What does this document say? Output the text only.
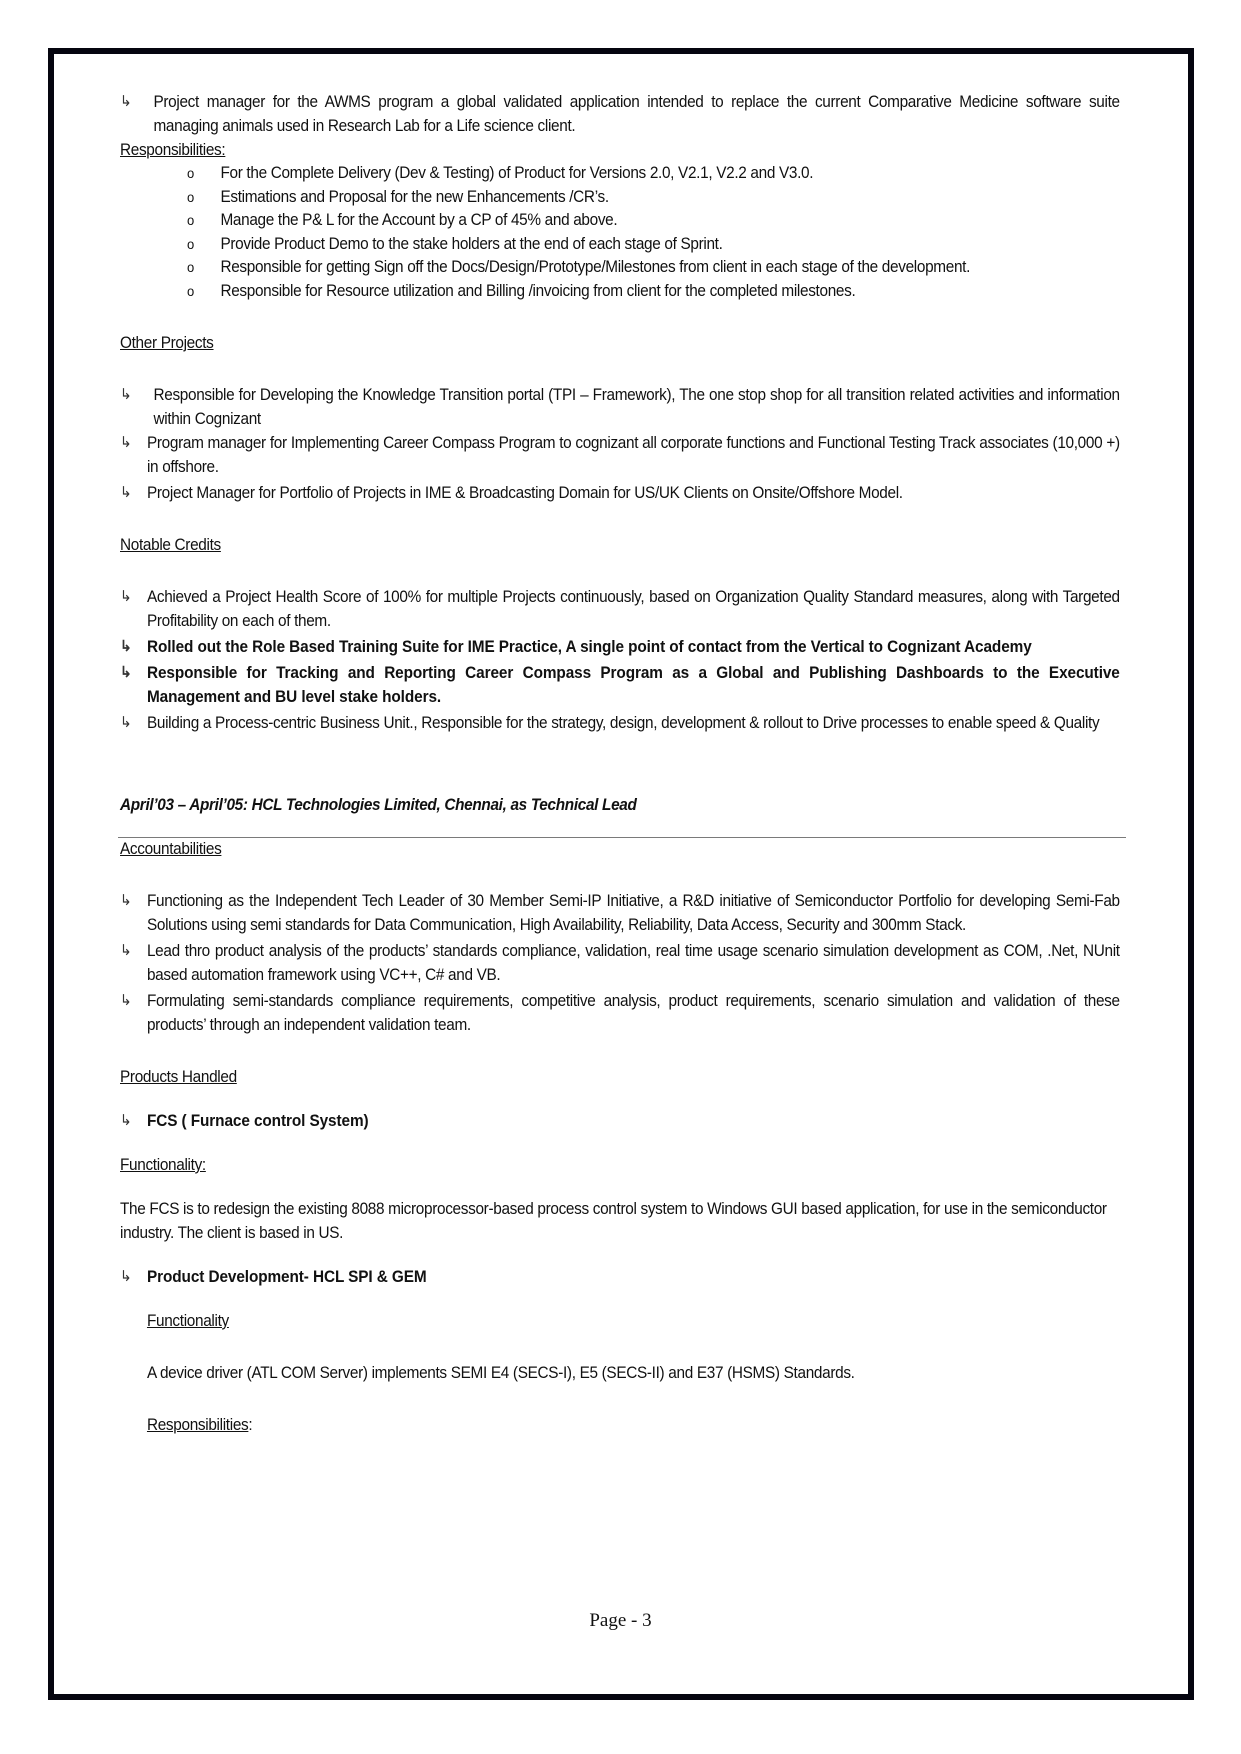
↳	Project manager for the AWMS program a global validated application intended to replace the current Comparative Medicine software suite managing animals used in Research Lab for a Life science client.
Responsibilities:
o For the Complete Delivery (Dev & Testing) of Product for Versions 2.0, V2.1, V2.2 and V3.0.
o Estimations and Proposal for the new Enhancements /CR’s.
o Manage the P& L for the Account by a CP of 45% and above.
o Provide Product Demo to the stake holders at the end of each stage of Sprint.
o Responsible for getting Sign off the Docs/Design/Prototype/Milestones from client in each stage of the development.
o Responsible for Resource utilization and Billing /invoicing from client for the completed milestones.
Other Projects
↳	Responsible for Developing the Knowledge Transition portal (TPI – Framework), The one stop shop for all transition related activities and information within Cognizant
↳ Program manager for Implementing Career Compass Program to cognizant all corporate functions and Functional Testing Track associates (10,000 +) in offshore.
↳ Project Manager for Portfolio of Projects in IME & Broadcasting Domain for US/UK Clients on Onsite/Offshore Model.
Notable Credits
↳ Achieved a Project Health Score of 100% for multiple Projects continuously, based on Organization Quality Standard measures, along with Targeted Profitability on each of them.
↳ Rolled out the Role Based Training Suite for IME Practice, A single point of contact from the Vertical to Cognizant Academy
↳ Responsible for Tracking and Reporting Career Compass Program as a Global and Publishing Dashboards to the Executive Management and BU level stake holders.
↳ Building a Process-centric Business Unit., Responsible for the strategy, design, development & rollout to Drive processes to enable speed & Quality
April’03 – April’05: HCL Technologies Limited, Chennai, as Technical Lead
Accountabilities
↳ Functioning as the Independent Tech Leader of 30 Member Semi-IP Initiative, a R&D initiative of Semiconductor Portfolio for developing Semi-Fab Solutions using semi standards for Data Communication, High Availability, Reliability, Data Access, Security and 300mm Stack.
↳ Lead thro product analysis of the products’ standards compliance, validation, real time usage scenario simulation development as COM, .Net, NUnit based automation framework using VC++, C# and VB.
↳ Formulating semi-standards compliance requirements, competitive analysis, product requirements, scenario simulation and validation of these products’ through an independent validation team.
Products Handled
↳ FCS ( Furnace control System)
Functionality:
The FCS is to redesign the existing 8088 microprocessor-based process control system to Windows GUI based application, for use in the semiconductor industry. The client is based in US.
↳ Product Development- HCL SPI & GEM
Functionality
A device driver (ATL COM Server) implements SEMI E4 (SECS-I), E5 (SECS-II) and E37 (HSMS) Standards.
Responsibilities:
Page - 3
